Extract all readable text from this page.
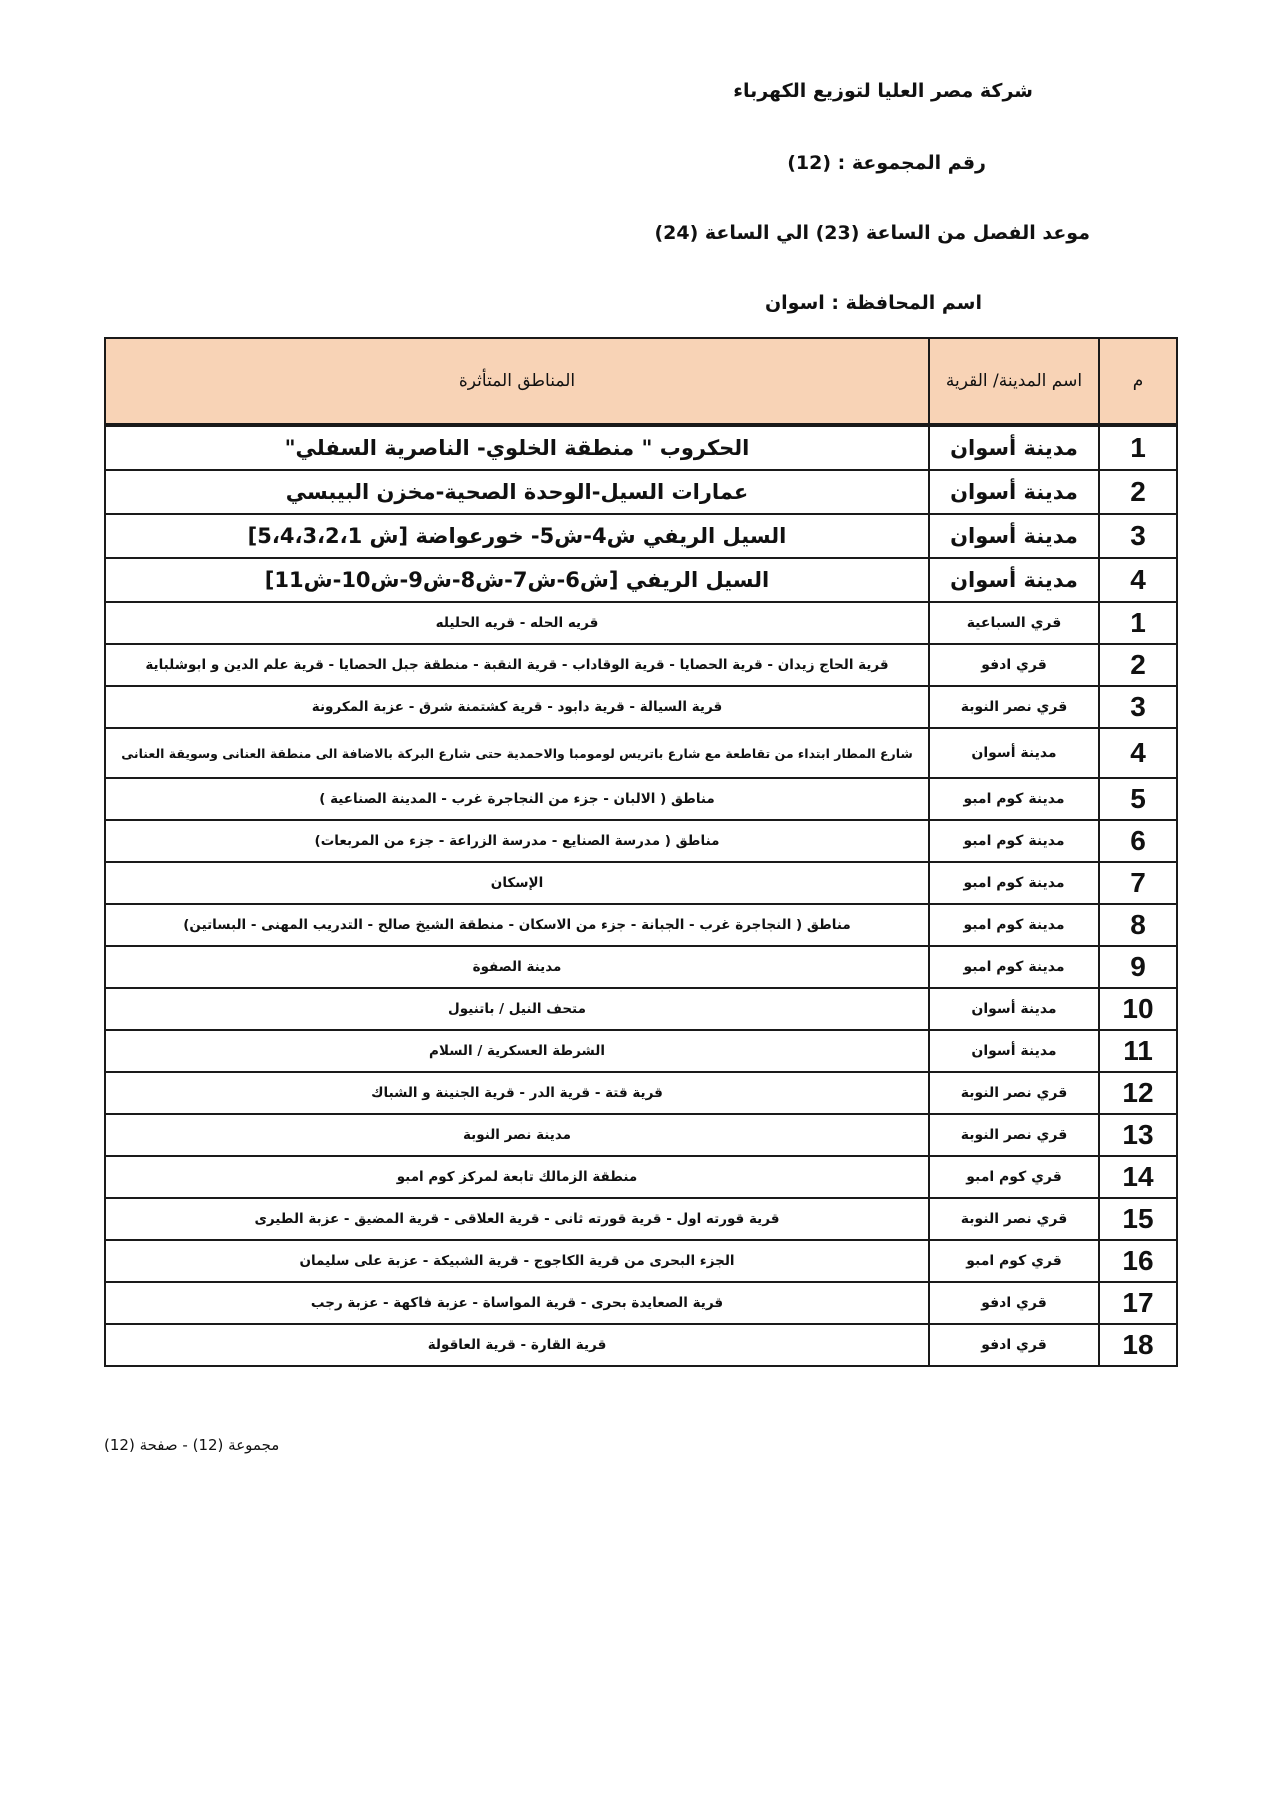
شركة مصر العليا لتوزيع الكهرباء
رقم المجموعة : (12)
موعد الفصل من الساعة (23) الي الساعة (24)
اسم المحافظة : اسوان
م	اسم المدينة/ القرية	المناطق المتأثرة
1	مدينة أسوان	الحكروب " منطقة الخلوي- الناصرية السفلي"
2	مدينة أسوان	عمارات السيل-الوحدة الصحية-مخزن البيبسي
3	مدينة أسوان	السيل الريفي ش4-ش5- خورعواضة [ش 5،4،3،2،1]
4	مدينة أسوان	السيل الريفي [ش6-ش7-ش8-ش9-ش10-ش11]
1	قري السباعية	قريه الحله - قريه الحليله
2	قري ادفو	قرية الحاج زيدان - قرية الحصايا - قرية الوقاداب - قرية النقبة - منطقة جبل الحصايا - قرية علم الدين و ابوشلباية
3	قري نصر النوبة	قرية السيالة - قرية دابود - قرية كشتمنة شرق - عزبة المكرونة
4	مدينة أسوان	شارع المطار ابتداء من تقاطعة مع شارع باتريس لومومبا والاحمدية حتى شارع البركة بالاضافة الى منطقة العنانى وسويقة العنانى
5	مدينة كوم امبو	مناطق ( الالبان - جزء من النجاجرة غرب - المدينة الصناعية )
6	مدينة كوم امبو	مناطق ( مدرسة الصنايع - مدرسة الزراعة - جزء من المربعات)
7	مدينة كوم امبو	الإسكان
8	مدينة كوم امبو	مناطق ( النجاجرة غرب - الجبانة - جزء من الاسكان - منطقة الشيخ صالح - التدريب المهنى - البساتين)
9	مدينة كوم امبو	مدينة الصفوة
10	مدينة أسوان	متحف النيل / باتنيول
11	مدينة أسوان	الشرطة العسكرية / السلام
12	قري نصر النوبة	قرية قتة - قرية الدر - قرية الجنينة و الشباك
13	قري نصر النوبة	مدينة نصر النوبة
14	قري كوم امبو	منطقة الزمالك تابعة لمركز كوم امبو
15	قري نصر النوبة	قرية قورته اول - قرية قورته ثانى - قرية العلاقى - قرية المضيق - عزبة الطيرى
16	قري كوم امبو	الجزء البحرى من قرية الكاجوج - قرية الشبيكة - عزبة على سليمان
17	قري ادفو	قرية الصعايدة بحرى - قرية المواساة - عزبة فاكهة - عزبة رجب
18	قري ادفو	قرية القارة - قرية العاقولة
مجموعة (12) - صفحة (12)
